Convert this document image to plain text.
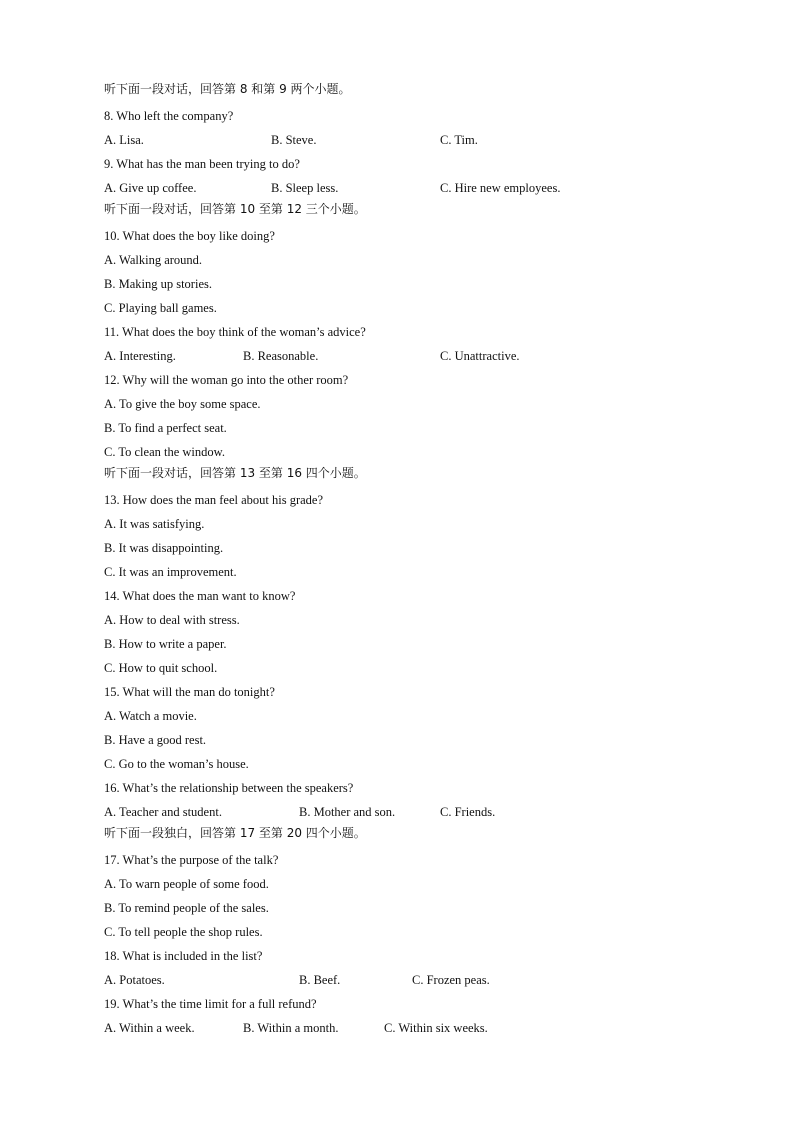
听下面一段对话，回答第 8 和第 9 两个小题。
8. Who left the company?
A. Lisa.	B. Steve.	C. Tim.
9. What has the man been trying to do?
A. Give up coffee.	B. Sleep less.	C. Hire new employees.
听下面一段对话，回答第 10 至第 12 三个小题。
10. What does the boy like doing?
A. Walking around.
B. Making up stories.
C. Playing ball games.
11. What does the boy think of the woman’s advice?
A. Interesting.	B. Reasonable.	C. Unattractive.
12. Why will the woman go into the other room?
A. To give the boy some space.
B. To find a perfect seat.
C. To clean the window.
听下面一段对话，回答第 13 至第 16 四个小题。
13. How does the man feel about his grade?
A. It was satisfying.
B. It was disappointing.
C. It was an improvement.
14. What does the man want to know?
A. How to deal with stress.
B. How to write a paper.
C. How to quit school.
15. What will the man do tonight?
A. Watch a movie.
B. Have a good rest.
C. Go to the woman’s house.
16. What’s the relationship between the speakers?
A. Teacher and student.	B. Mother and son.	C. Friends.
听下面一段独白，回答第 17 至第 20 四个小题。
17. What’s the purpose of the talk?
A. To warn people of some food.
B. To remind people of the sales.
C. To tell people the shop rules.
18. What is included in the list?
A. Potatoes.	B. Beef.	C. Frozen peas.
19. What’s the time limit for a full refund?
A. Within a week.	B. Within a month.	C. Within six weeks.
